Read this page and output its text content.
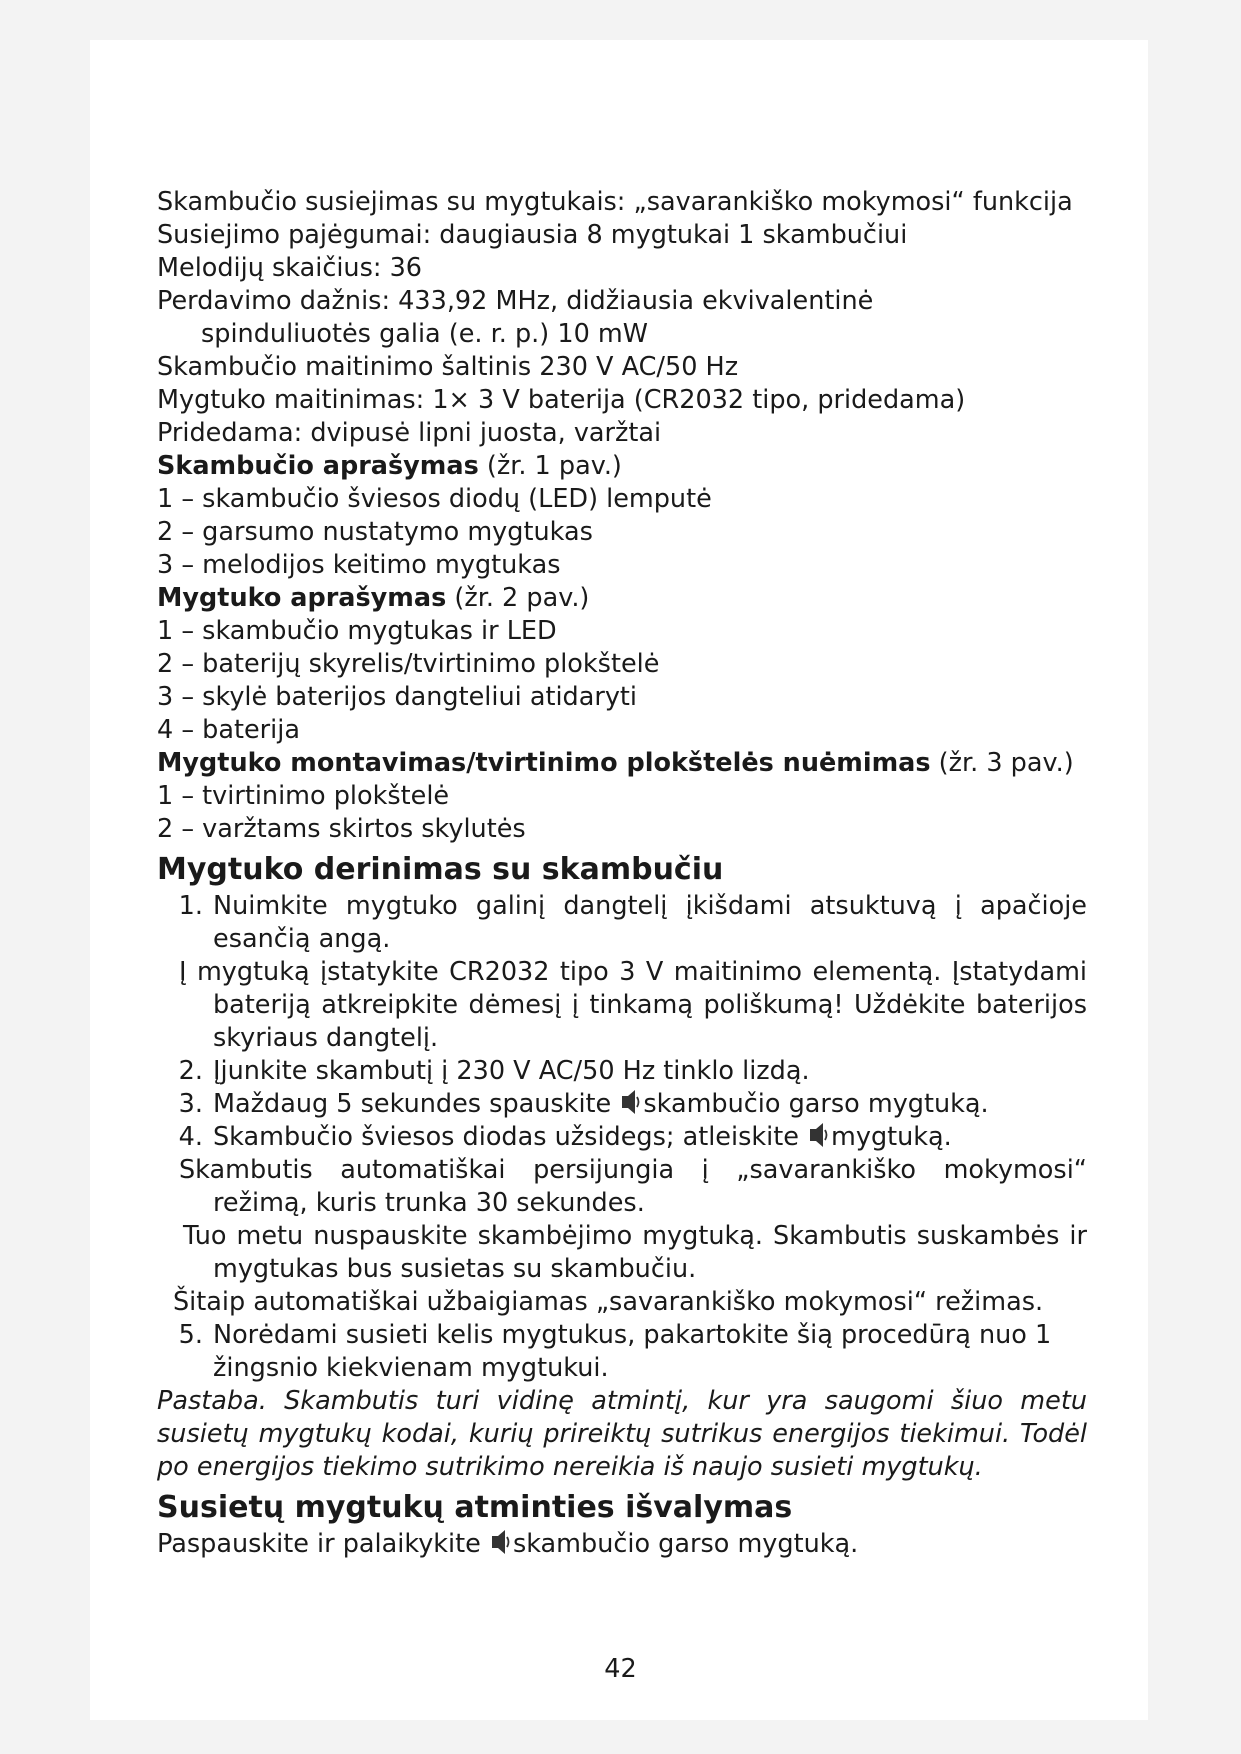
Skambučio susiejimas su mygtukais: „savarankiško mokymosi“ funkcija
Susiejimo pajėgumai: daugiausia 8 mygtukai 1 skambučiui
Melodijų skaičius: 36
Perdavimo dažnis: 433,92 MHz, didžiausia ekvivalentinė spinduliuotės galia (e. r. p.) 10 mW
Skambučio maitinimo šaltinis 230 V AC/50 Hz
Mygtuko maitinimas: 1× 3 V baterija (CR2032 tipo, pridedama)
Pridedama: dvipusė lipni juosta, varžtai
Skambučio aprašymas (žr. 1 pav.)
1 – skambučio šviesos diodų (LED) lemputė
2 – garsumo nustatymo mygtukas
3 – melodijos keitimo mygtukas
Mygtuko aprašymas (žr. 2 pav.)
1 – skambučio mygtukas ir LED
2 – baterijų skyrelis/tvirtinimo plokštelė
3 – skylė baterijos dangteliui atidaryti
4 – baterija
Mygtuko montavimas/tvirtinimo plokštelės nuėmimas (žr. 3 pav.)
1 – tvirtinimo plokštelė
2 – varžtams skirtos skylutės
Mygtuko derinimas su skambučiu
1. Nuimkite mygtuko galinį dangtelį įkišdami atsuktuvą į apačioje esančią angą.
Į mygtuką įstatykite CR2032 tipo 3 V maitinimo elementą. Įstatydami bateriją atkreipkite dėmesį į tinkamą poliškumą! Uždėkite baterijos skyriaus dangtelį.
2. Įjunkite skambutį į 230 V AC/50 Hz tinklo lizdą.
3. Maždaug 5 sekundes spauskite
skambučio garso mygtuką.
4. Skambučio šviesos diodas užsidegs; atleiskite
mygtuką.
Skambutis automatiškai persijungia į „savarankiško mokymosi“ režimą, kuris trunka 30 sekundes.
Tuo metu nuspauskite skambėjimo mygtuką. Skambutis suskambės ir mygtukas bus susietas su skambučiu.
Šitaip automatiškai užbaigiamas „savarankiško mokymosi“ režimas.
5. Norėdami susieti kelis mygtukus, pakartokite šią procedūrą nuo 1 žingsnio kiekvienam mygtukui.
Pastaba. Skambutis turi vidinę atmintį, kur yra saugomi šiuo metu susietų mygtukų kodai, kurių prireiktų sutrikus energijos tiekimui. Todėl po energijos tiekimo sutrikimo nereikia iš naujo susieti mygtukų.
Susietų mygtukų atminties išvalymas
Paspauskite ir palaikykite
skambučio garso mygtuką.
42
